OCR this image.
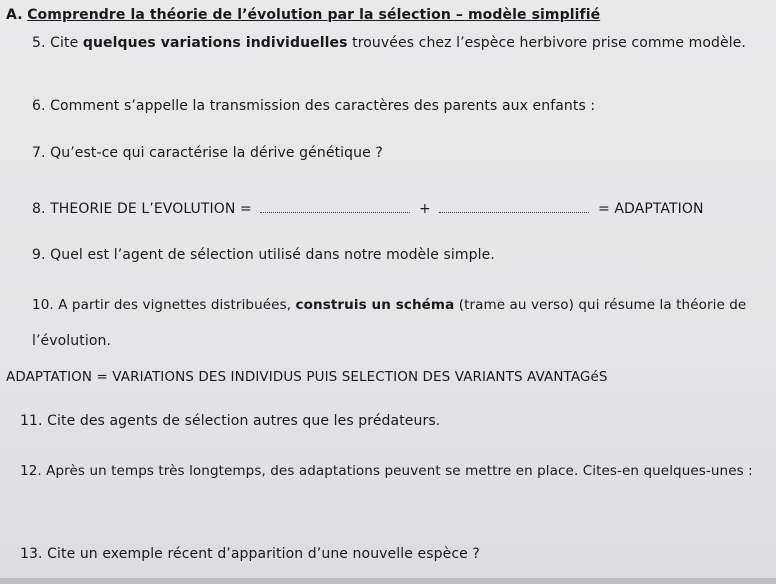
A. Comprendre la théorie de l’évolution par la sélection – modèle simplifié
5. Cite quelques variations individuelles trouvées chez l’espèce herbivore prise comme modèle.
6. Comment s’appelle la transmission des caractères des parents aux enfants :
7. Qu’est-ce qui caractérise la dérive génétique ?
8. THEORIE DE L’EVOLUTION =	+	= ADAPTATION
9. Quel est l’agent de sélection utilisé dans notre modèle simple.
10. A partir des vignettes distribuées, construis un schéma (trame au verso) qui résume la théorie de
l’évolution.
ADAPTATION = VARIATIONS DES INDIVIDUS PUIS SELECTION DES VARIANTS AVANTAGéS
11. Cite des agents de sélection autres que les prédateurs.
12. Après un temps très longtemps, des adaptations peuvent se mettre en place. Cites-en quelques-unes :
13. Cite un exemple récent d’apparition d’une nouvelle espèce ?
